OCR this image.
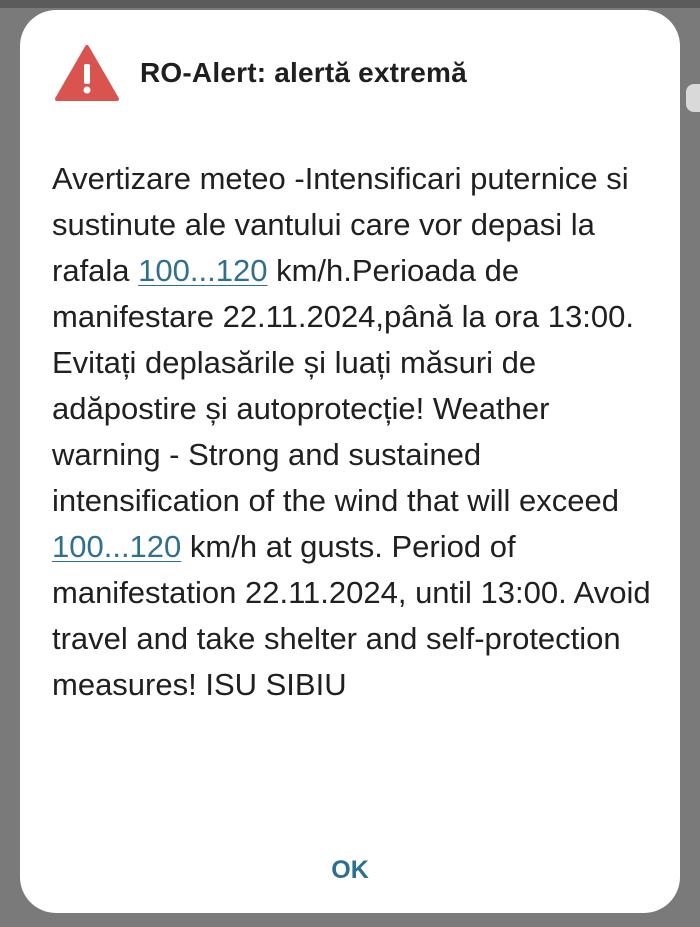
RO-Alert: alertă extremă

Avertizare meteo -Intensificari puternice si sustinute ale vantului care vor depasi la rafala 100...120 km/h.Perioada de manifestare 22.11.2024,până la ora 13:00. Evitați deplasările și luați măsuri de adăpostire și autoprotecție! Weather warning - Strong and sustained intensification of the wind that will exceed 100...120 km/h at gusts. Period of manifestation 22.11.2024, until 13:00. Avoid travel and take shelter and self-protection measures! ISU SIBIU

OK
